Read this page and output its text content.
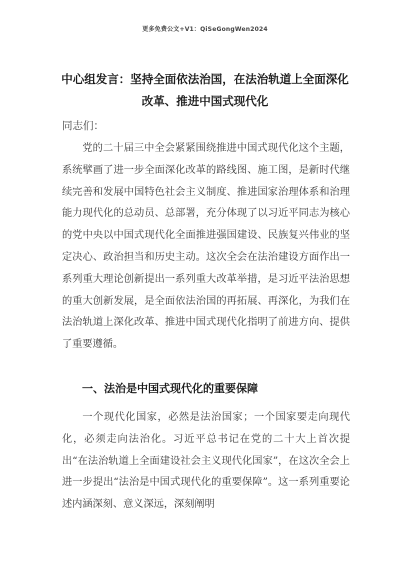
更多免费公文+V1：QiSeGongWen2024
中心组发言：坚持全面依法治国，在法治轨道上全面深化改革、推进中国式现代化
同志们：

党的二十届三中全会紧紧围绕推进中国式现代化这个主题，系统擘画了进一步全面深化改革的路线图、施工图，是新时代继续完善和发展中国特色社会主义制度、推进国家治理体系和治理能力现代化的总动员、总部署，充分体现了以习近平同志为核心的党中央以中国式现代化全面推进强国建设、民族复兴伟业的坚定决心、政治担当和历史主动。这次全会在法治建设方面作出一系列重大理论创新提出一系列重大改革举措，是习近平法治思想的重大创新发展，是全面依法治国的再拓展、再深化，为我们在法治轨道上深化改革、推进中国式现代化指明了前进方向、提供了重要遵循。

一、法治是中国式现代化的重要保障

一个现代化国家，必然是法治国家；一个国家要走向现代化，必须走向法治化。习近平总书记在党的二十大上首次提出“在法治轨道上全面建设社会主义现代化国家”，在这次全会上进一步提出“法治是中国式现代化的重要保障”。这一系列重要论述内涵深刻、意义深远，深刻阐明
